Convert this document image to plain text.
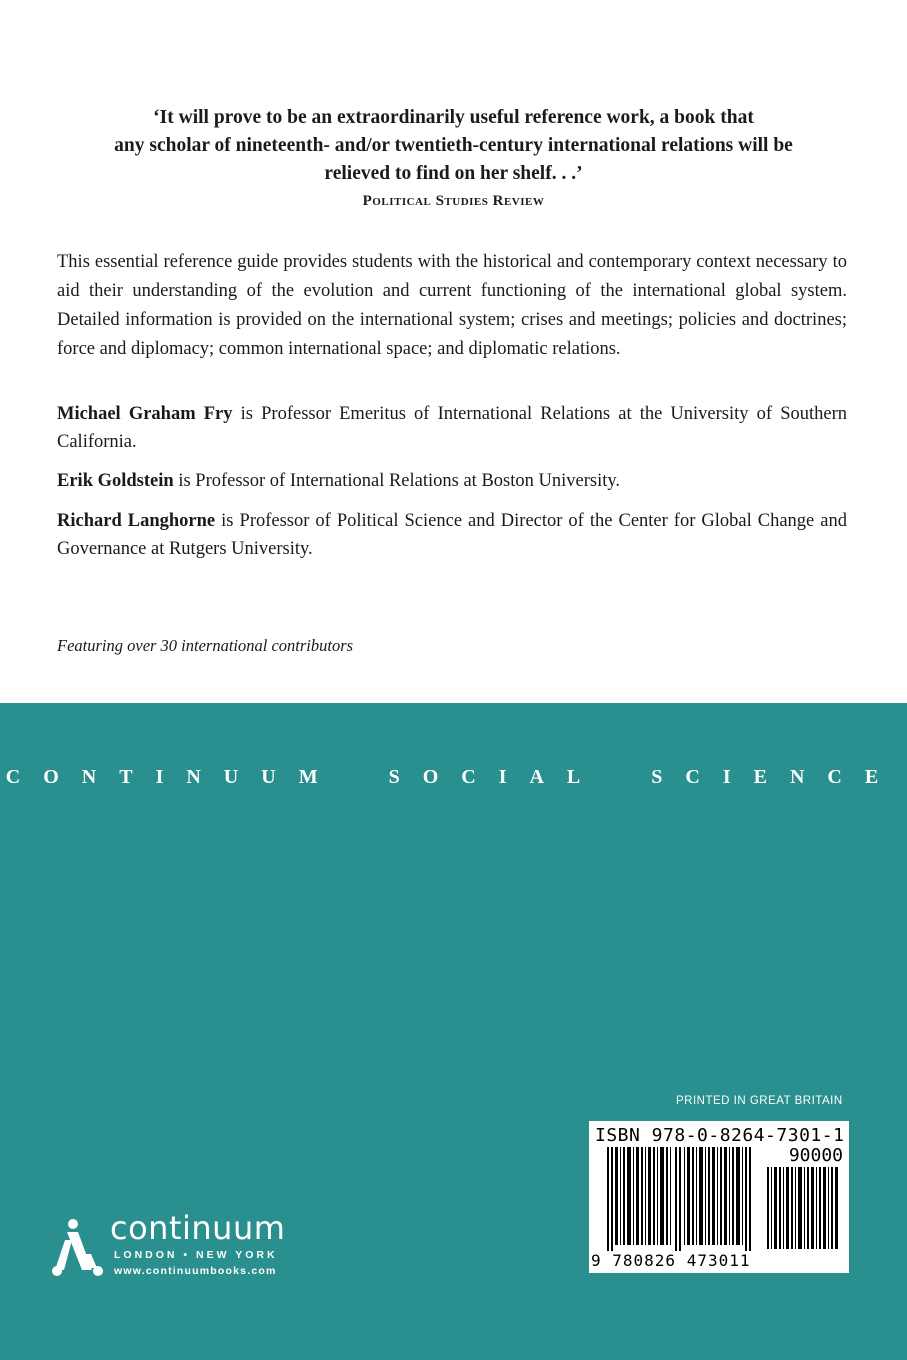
‘It will prove to be an extraordinarily useful reference work, a book that
any scholar of nineteenth- and/or twentieth-century international relations will be
relieved to find on her shelf. . .’
Political Studies Review
This essential reference guide provides students with the historical and contemporary context necessary to aid their understanding of the evolution and current functioning of the international global system. Detailed information is provided on the international system; crises and meetings; policies and doctrines; force and diplomacy; common international space; and diplomatic relations.
Michael Graham Fry is Professor Emeritus of International Relations at the University of Southern California.
Erik Goldstein is Professor of International Relations at Boston University.
Richard Langhorne is Professor of Political Science and Director of the Center for Global Change and Governance at Rutgers University.
Featuring over 30 international contributors
CONTINUUM SOCIAL SCIENCE
PRINTED IN GREAT BRITAIN
ISBN 978-0-8264-7301-1
90000
9 780826 473011
continuum
LONDON • NEW YORK
www.continuumbooks.com
